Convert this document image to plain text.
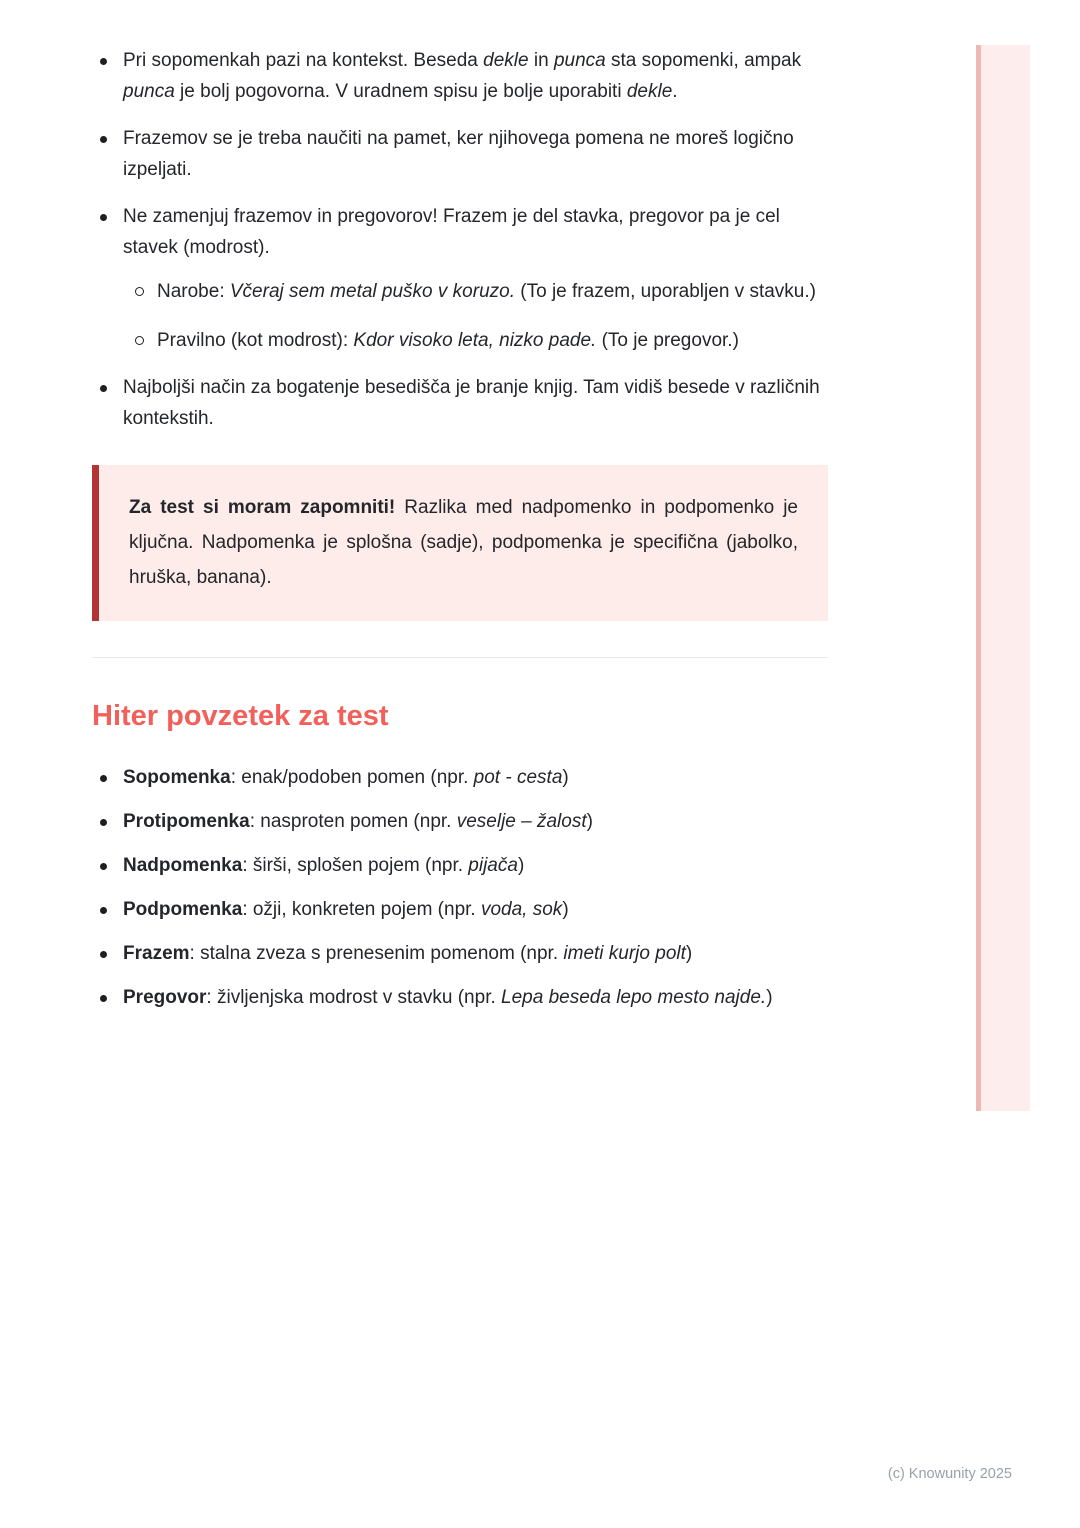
Pri sopomenkah pazi na kontekst. Beseda dekle in punca sta sopomenki, ampak punca je bolj pogovorna. V uradnem spisu je bolje uporabiti dekle.
Frazemov se je treba naučiti na pamet, ker njihovega pomena ne moreš logično izpeljati.
Ne zamenjuj frazemov in pregovorov! Frazem je del stavka, pregovor pa je cel stavek (modrost).
Narobe: Včeraj sem metal puško v koruzo. (To je frazem, uporabljen v stavku.)
Pravilno (kot modrost): Kdor visoko leta, nizko pade. (To je pregovor.)
Najboljši način za bogatenje besedišča je branje knjig. Tam vidiš besede v različnih kontekstih.
Za test si moram zapomniti! Razlika med nadpomenko in podpomenko je ključna. Nadpomenka je splošna (sadje), podpomenka je specifična (jabolko, hruška, banana).
Hiter povzetek za test
Sopomenka: enak/podoben pomen (npr. pot - cesta)
Protipomenka: nasproten pomen (npr. veselje – žalost)
Nadpomenka: širši, splošen pojem (npr. pijača)
Podpomenka: ožji, konkreten pojem (npr. voda, sok)
Frazem: stalna zveza s prenesenim pomenom (npr. imeti kurjo polt)
Pregovor: življenjska modrost v stavku (npr. Lepa beseda lepo mesto najde.)
(c) Knowunity 2025
